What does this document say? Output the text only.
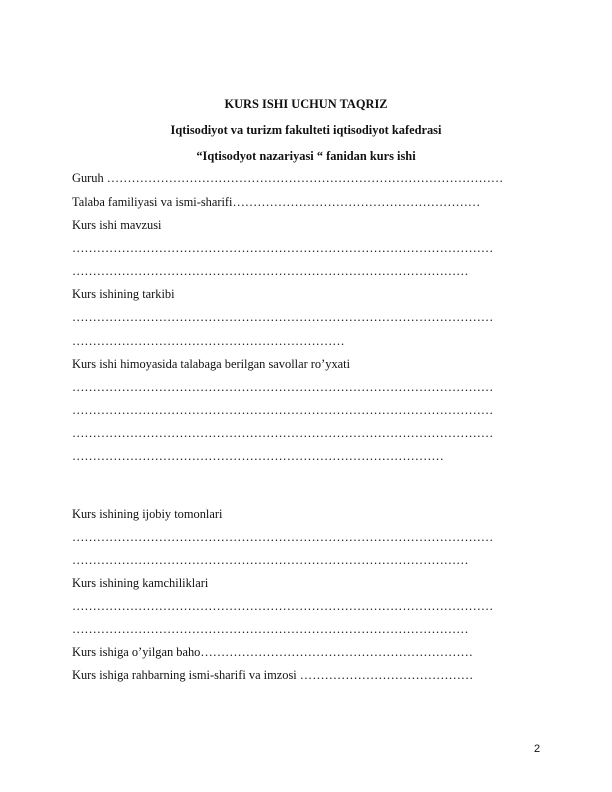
KURS ISHI UCHUN TAQRIZ
Iqtisodiyot va turizm fakulteti iqtisodiyot kafedrasi
“Iqtisodyot nazariyasi “ fanidan kurs ishi
Guruh ……………………………………………………………………………………
Talaba familiyasi va ismi-sharifi……………………………………………………
Kurs ishi mavzusi
…………………………………………………………………………………………
……………………………………………………………………………………
Kurs ishining tarkibi
…………………………………………………………………………………………
…………………………………………………………
Kurs ishi himoyasida talabaga berilgan savollar ro’yxati
…………………………………………………………………………………………
…………………………………………………………………………………………
…………………………………………………………………………………………
………………………………………………………………………………
Kurs ishining ijobiy tomonlari
…………………………………………………………………………………………
……………………………………………………………………………………
Kurs ishining kamchiliklari
…………………………………………………………………………………………
……………………………………………………………………………………
Kurs ishiga o’yilgan baho…………………………………………………………
Kurs ishiga rahbarning ismi-sharifi va imzosi ……………………………………
2
